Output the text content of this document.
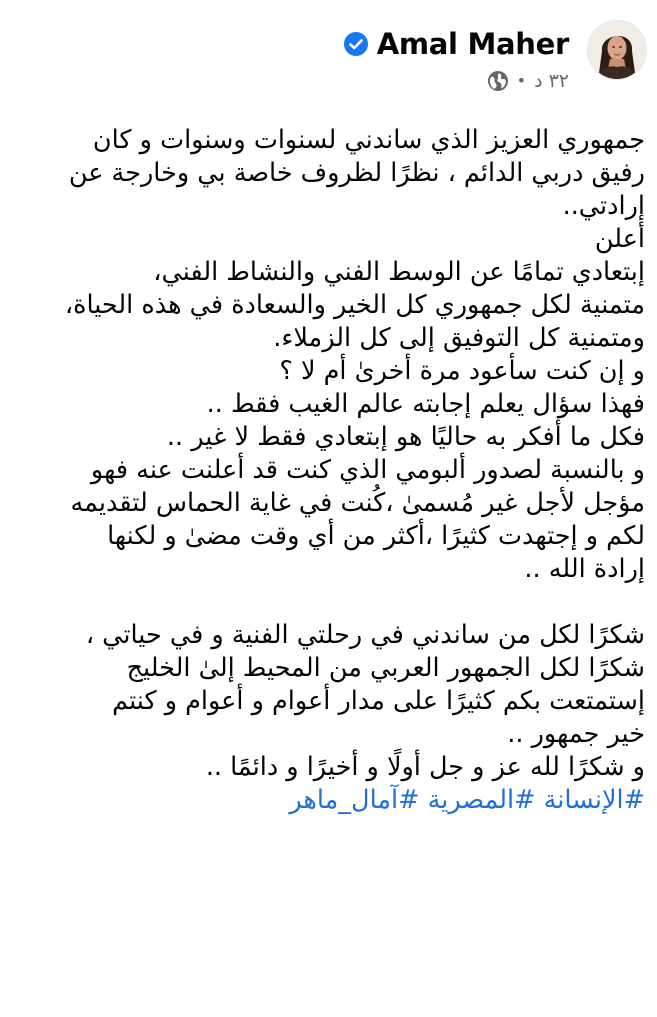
Amal Maher
• ٣٢ د
جمهوري العزيز الذي ساندني لسنوات وسنوات و كان
رفيق دربي الدائم ، نظرًا لظروف خاصة بي وخارجة عن
إرادتي..
أعلن
إبتعادي تمامًا عن الوسط الفني والنشاط الفني،
متمنية لكل جمهوري كل الخير والسعادة في هذه الحياة،
ومتمنية كل التوفيق إلى كل الزملاء.
و إن كنت سأعود مرة أخرىٰ أم لا ؟
فهذا سؤال يعلم إجابته عالم الغيب فقط ..
فكل ما أفكر به حاليًا هو إبتعادي فقط لا غير ..
و بالنسبة لصدور ألبومي الذي كنت قد أعلنت عنه فهو
مؤجل لأجل غير مُسمىٰ ،كُنت في غاية الحماس لتقديمه
لكم و إجتهدت كثيرًا ،أكثر من أي وقت مضىٰ و لكنها
إرادة الله ..
شكرًا لكل من ساندني في رحلتي الفنية و في حياتي ،
شكرًا لكل الجمهور العربي من المحيط إلىٰ الخليج
إستمتعت بكم كثيرًا على مدار أعوام و أعوام و كنتم
خير جمهور ..
و شكرًا لله عز و جل أولًا و أخيرًا و دائمًا ..
#الإنسانة #المصرية #آمال_ماهر
